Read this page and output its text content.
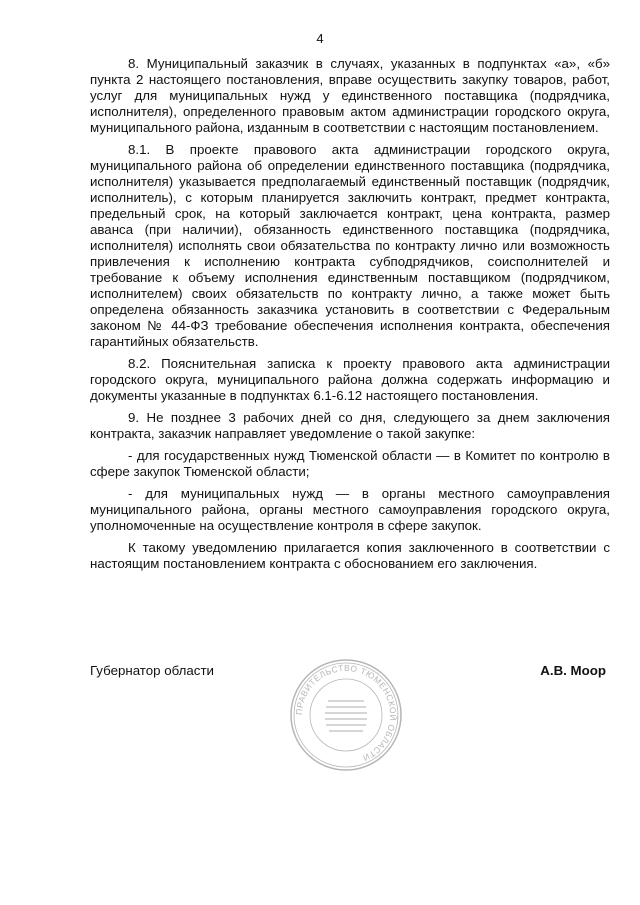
4

8. Муниципальный заказчик в случаях, указанных в подпунктах «а», «б» пункта 2 настоящего постановления, вправе осуществить закупку товаров, работ, услуг для муниципальных нужд у единственного поставщика (подрядчика, исполнителя), определенного правовым актом администрации городского округа, муниципального района, изданным в соответствии с настоящим постановлением.

8.1. В проекте правового акта администрации городского округа, муниципального района об определении единственного поставщика (подрядчика, исполнителя) указывается предполагаемый единственный поставщик (подрядчик, исполнитель), с которым планируется заключить контракт, предмет контракта, предельный срок, на который заключается контракт, цена контракта, размер аванса (при наличии), обязанность единственного поставщика (подрядчика, исполнителя) исполнять свои обязательства по контракту лично или возможность привлечения к исполнению контракта субподрядчиков, соисполнителей и требование к объему исполнения единственным поставщиком (подрядчиком, исполнителем) своих обязательств по контракту лично, а также может быть определена обязанность заказчика установить в соответствии с Федеральным законом № 44-ФЗ требование обеспечения исполнения контракта, обеспечения гарантийных обязательств.

8.2. Пояснительная записка к проекту правового акта администрации городского округа, муниципального района должна содержать информацию и документы указанные в подпунктах 6.1-6.12 настоящего постановления.

9. Не позднее 3 рабочих дней со дня, следующего за днем заключения контракта, заказчик направляет уведомление о такой закупке:

- для государственных нужд Тюменской области — в Комитет по контролю в сфере закупок Тюменской области;

- для муниципальных нужд — в органы местного самоуправления муниципального района, органы местного самоуправления городского округа, уполномоченные на осуществление контроля в сфере закупок.

К такому уведомлению прилагается копия заключенного в соответствии с настоящим постановлением контракта с обоснованием его заключения.

Губернатор области	А.В. Моор
ПРАВИТЕЛЬСТВО ТЮМЕНСКОЙ ОБЛАСТИ
